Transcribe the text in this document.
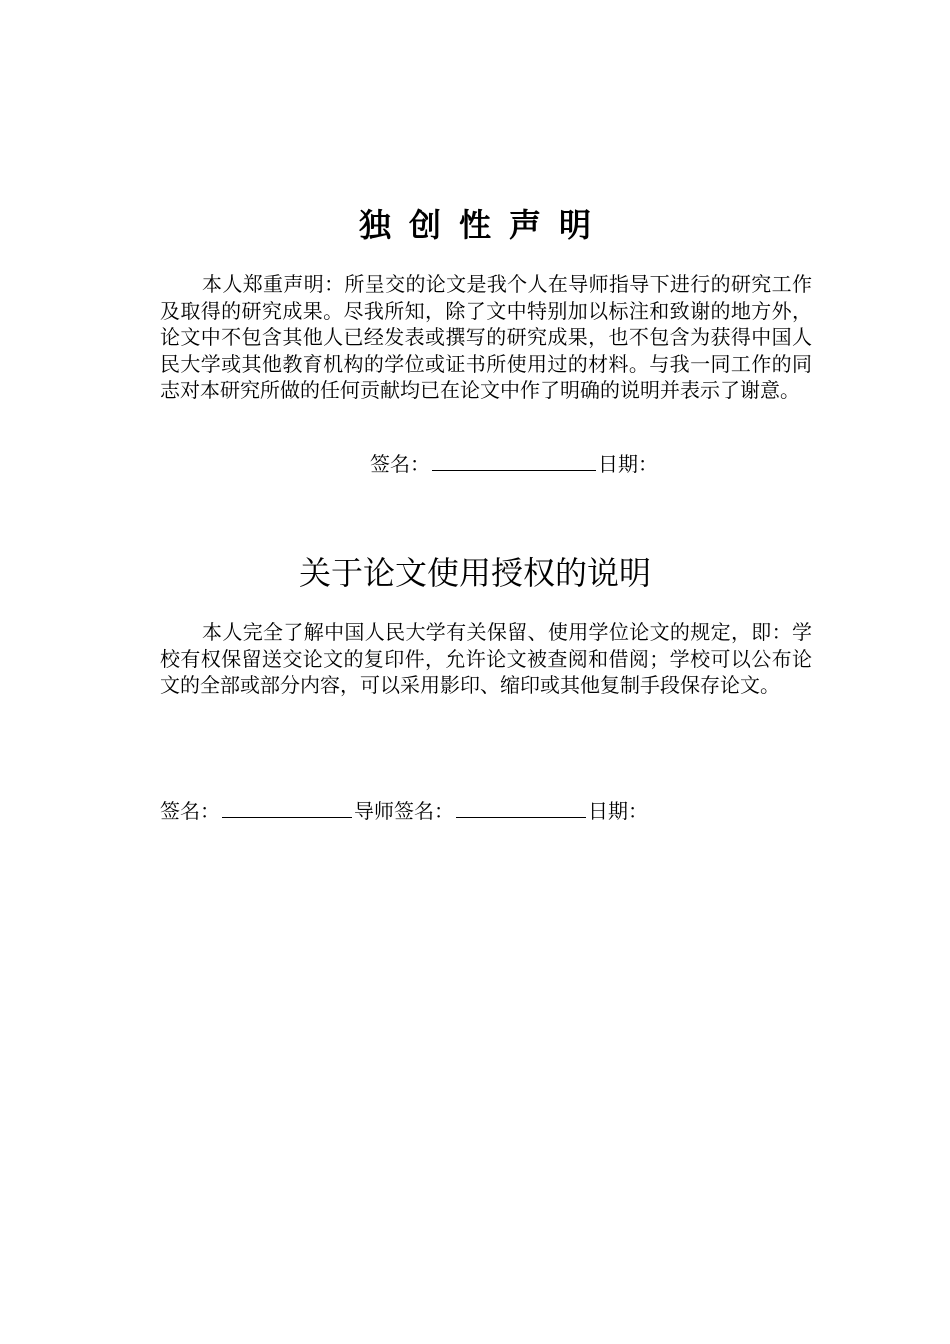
独创性声明
本人郑重声明：所呈交的论文是我个人在导师指导下进行的研究工作及取得的研究成果。尽我所知，除了文中特别加以标注和致谢的地方外，论文中不包含其他人已经发表或撰写的研究成果，也不包含为获得中国人民大学或其他教育机构的学位或证书所使用过的材料。与我一同工作的同志对本研究所做的任何贡献均已在论文中作了明确的说明并表示了谢意。
签名：	日期：
关于论文使用授权的说明
本人完全了解中国人民大学有关保留、使用学位论文的规定，即：学校有权保留送交论文的复印件，允许论文被查阅和借阅；学校可以公布论文的全部或部分内容，可以采用影印、缩印或其他复制手段保存论文。
签名：	导师签名：	日期：
